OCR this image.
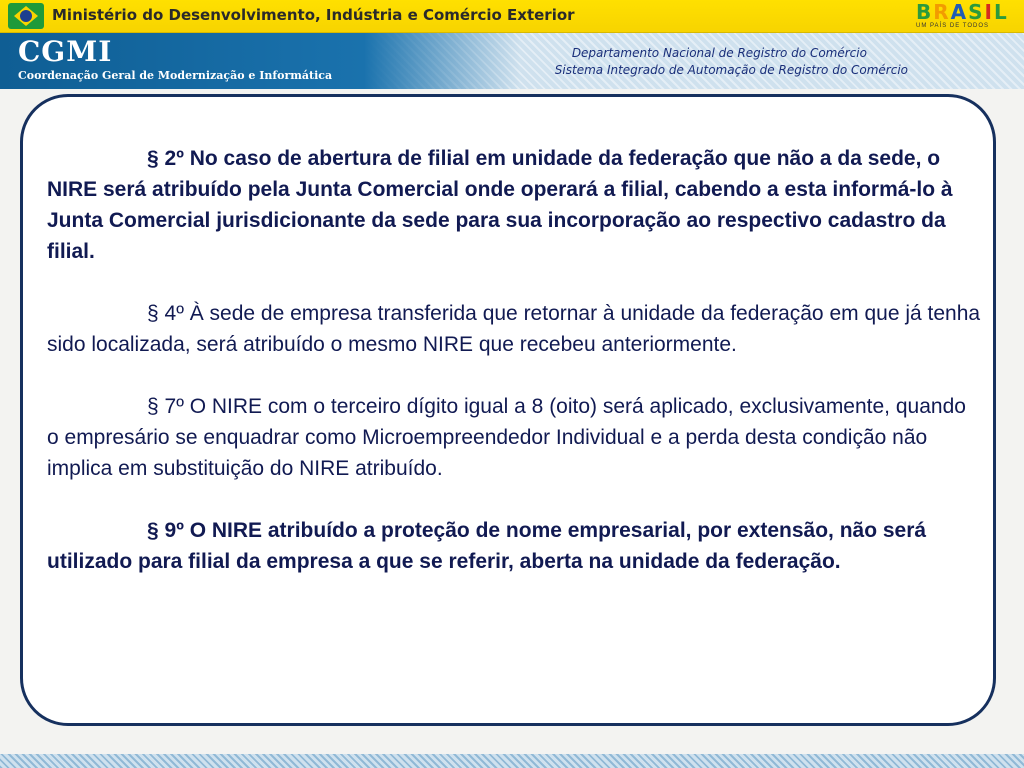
Ministério do Desenvolvimento, Indústria e Comércio Exterior	BRASIL
UM PAÍS DE TODOS
CGMI
Coordenação Geral de Modernização e Informática
Departamento Nacional de Registro do Comércio
Sistema Integrado de Automação de Registro do Comércio

§ 2º No caso de abertura de filial em unidade da federação que não a da sede, o NIRE será atribuído pela Junta Comercial onde operará a filial, cabendo a esta informá-lo à Junta Comercial jurisdicionante da sede para sua incorporação ao respectivo cadastro da filial.

§ 4º À sede de empresa transferida que retornar à unidade da federação em que já tenha sido localizada, será atribuído o mesmo NIRE que recebeu anteriormente.

§ 7º O NIRE com o terceiro dígito igual a 8 (oito) será aplicado, exclusivamente, quando o empresário se enquadrar como Microempreendedor Individual e a perda desta condição não implica em substituição do NIRE atribuído.

§ 9º O NIRE atribuído a proteção de nome empresarial, por extensão, não será utilizado para filial da empresa a que se referir, aberta na unidade da federação.
